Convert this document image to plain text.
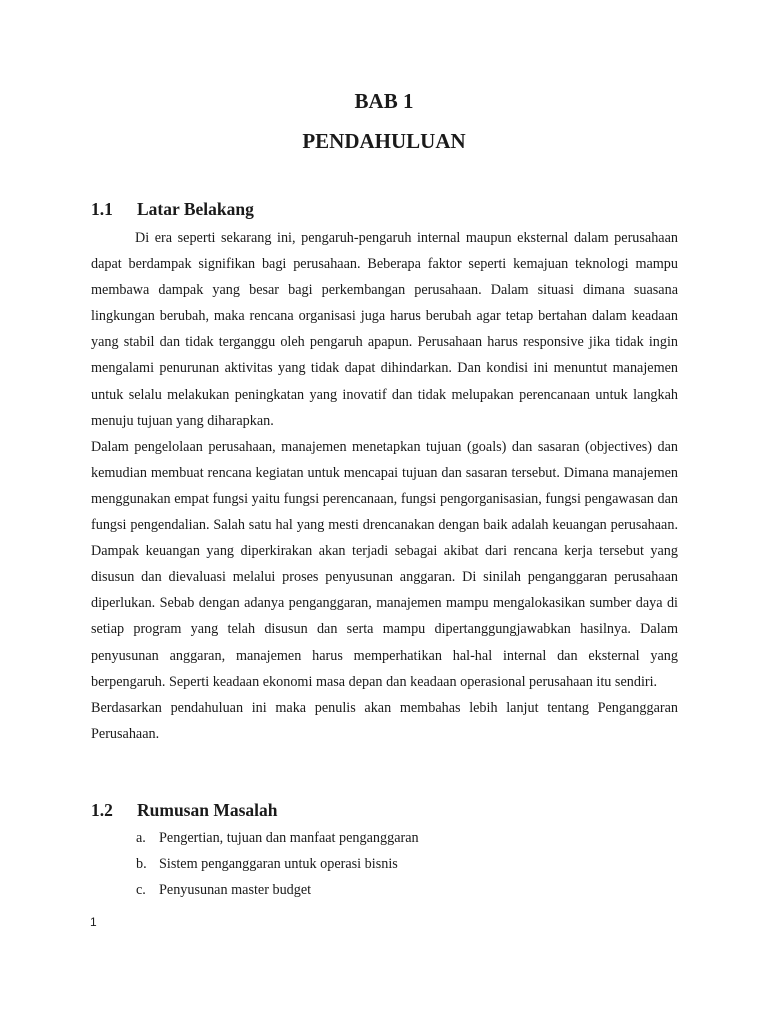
BAB 1
PENDAHULUAN
1.1 Latar Belakang

Di era seperti sekarang ini, pengaruh-pengaruh internal maupun eksternal dalam perusahaan dapat berdampak signifikan bagi perusahaan. Beberapa faktor seperti kemajuan teknologi mampu membawa dampak yang besar bagi perkembangan perusahaan. Dalam situasi dimana suasana lingkungan berubah, maka rencana organisasi juga harus berubah agar tetap bertahan dalam keadaan yang stabil dan tidak terganggu oleh pengaruh apapun. Perusahaan harus responsive jika tidak ingin mengalami penurunan aktivitas yang tidak dapat dihindarkan. Dan kondisi ini menuntut manajemen untuk selalu melakukan peningkatan yang inovatif dan tidak melupakan perencanaan untuk langkah menuju tujuan yang diharapkan.

Dalam pengelolaan perusahaan, manajemen menetapkan tujuan (goals) dan sasaran (objectives) dan kemudian membuat rencana kegiatan untuk mencapai tujuan dan sasaran tersebut. Dimana manajemen menggunakan empat fungsi yaitu fungsi perencanaan, fungsi pengorganisasian, fungsi pengawasan dan fungsi pengendalian. Salah satu hal yang mesti drencanakan dengan baik adalah keuangan perusahaan. Dampak keuangan yang diperkirakan akan terjadi sebagai akibat dari rencana kerja tersebut yang disusun dan dievaluasi melalui proses penyusunan anggaran. Di sinilah penganggaran perusahaan diperlukan. Sebab dengan adanya penganggaran, manajemen mampu mengalokasikan sumber daya di setiap program yang telah disusun dan serta mampu dipertanggungjawabkan hasilnya. Dalam penyusunan anggaran, manajemen harus memperhatikan hal-hal internal dan eksternal yang berpengaruh. Seperti keadaan ekonomi masa depan dan keadaan operasional perusahaan itu sendiri.

Berdasarkan pendahuluan ini maka penulis akan membahas lebih lanjut tentang Penganggaran Perusahaan.

1.2 Rumusan Masalah
a. Pengertian, tujuan dan manfaat penganggaran
b. Sistem penganggaran untuk operasi bisnis
c. Penyusunan master budget

1
